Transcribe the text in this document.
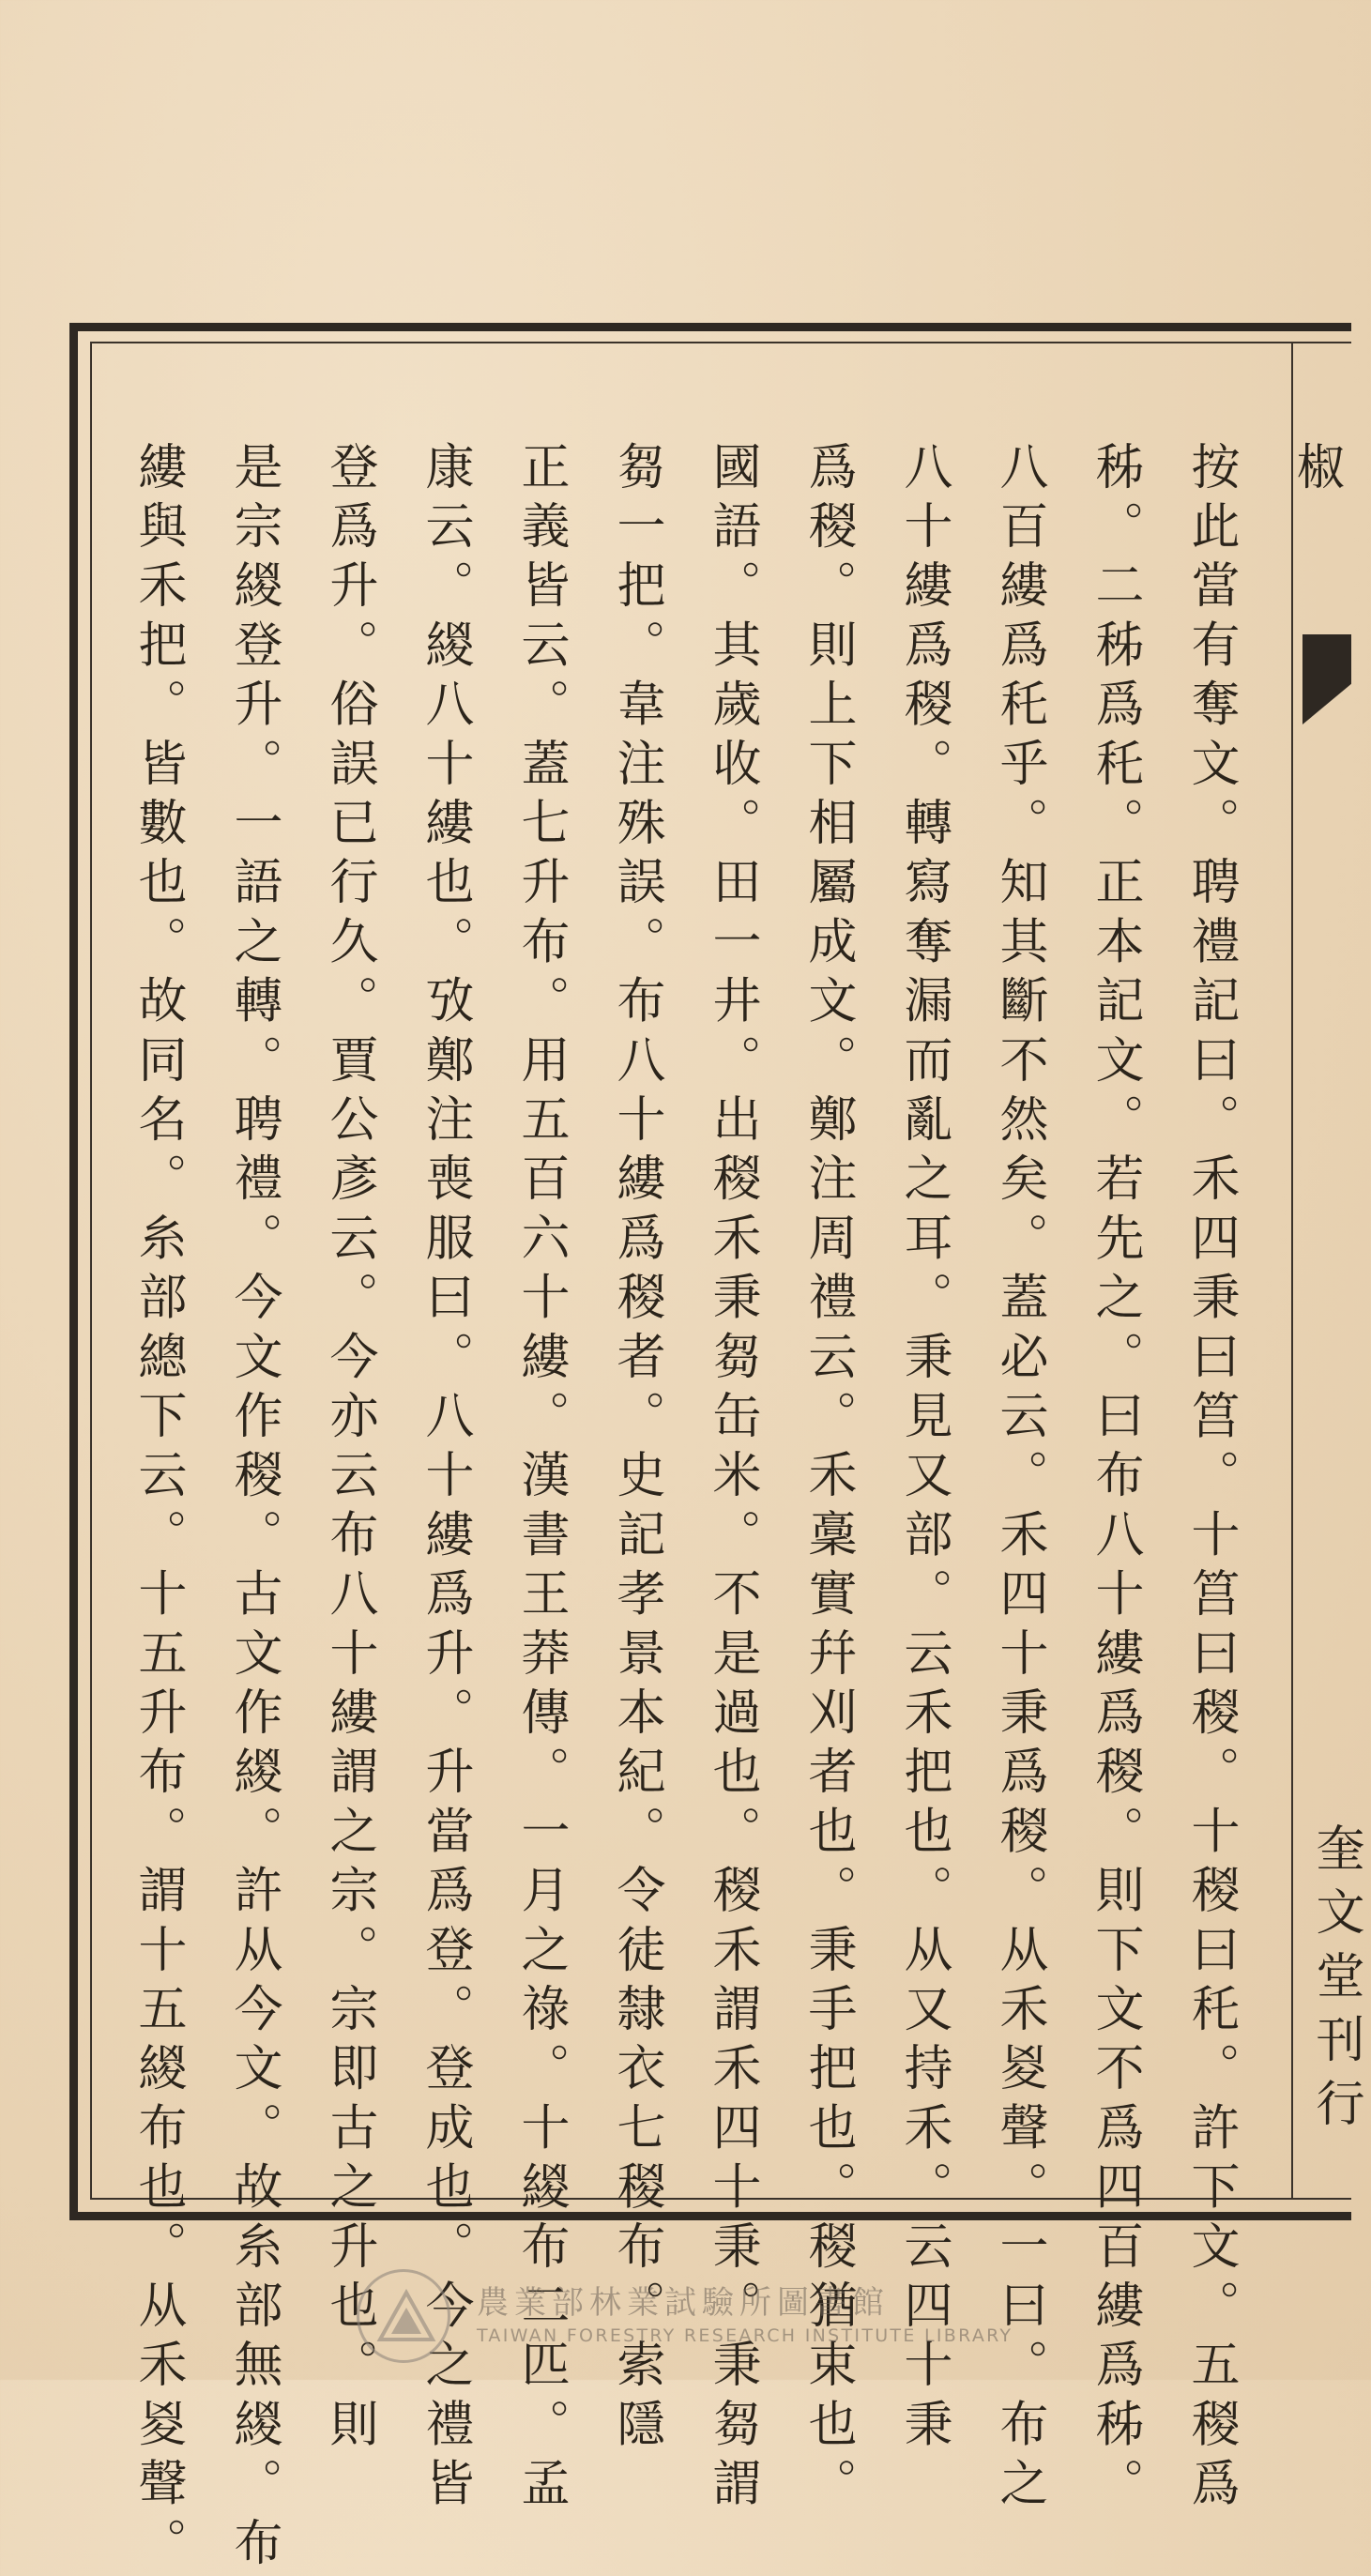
椒
奎文堂刊行
按此當有奪文。聘禮記曰。禾四秉曰筥。十筥曰稯。十稯曰秅。許下文。五稯爲
秭。二秭爲秅。正本記文。若先之。曰布八十縷爲稯。則下文不爲四百縷爲秭。
八百縷爲秅乎。知其斷不然矣。蓋必云。禾四十秉爲稯。从禾㚇聲。一曰。布之
八十縷爲稯。轉寫奪漏而亂之耳。秉見又部。云禾把也。从又持禾。云四十秉
爲稯。則上下相屬成文。鄭注周禮云。禾稾實幷刈者也。秉手把也。稯猶束也。
國語。其歲收。田一井。出稯禾秉芻缶米。不是過也。稯禾謂禾四十秉。秉芻謂
芻一把。韋注殊誤。布八十縷爲稯者。史記孝景本紀。令徒隸衣七稯布。索隱
正義皆云。蓋七升布。用五百六十縷。漢書王莽傳。一月之祿。十緵布二匹。孟
康云。緵八十縷也。攷鄭注喪服曰。八十縷爲升。升當爲登。登成也。今之禮皆
登爲升。俗誤已行久。賈公彥云。今亦云布八十縷謂之宗。宗即古之升也。則
是宗緵登升。一語之轉。聘禮。今文作稯。古文作緵。許从今文。故糸部無緵。布
縷與禾把。皆數也。故同名。糸部總下云。十五升布。謂十五緵布也。从禾㚇聲。	農業部林業試驗所圖書館
TAIWAN FORESTRY RESEARCH INSTITUTE LIBRARY
